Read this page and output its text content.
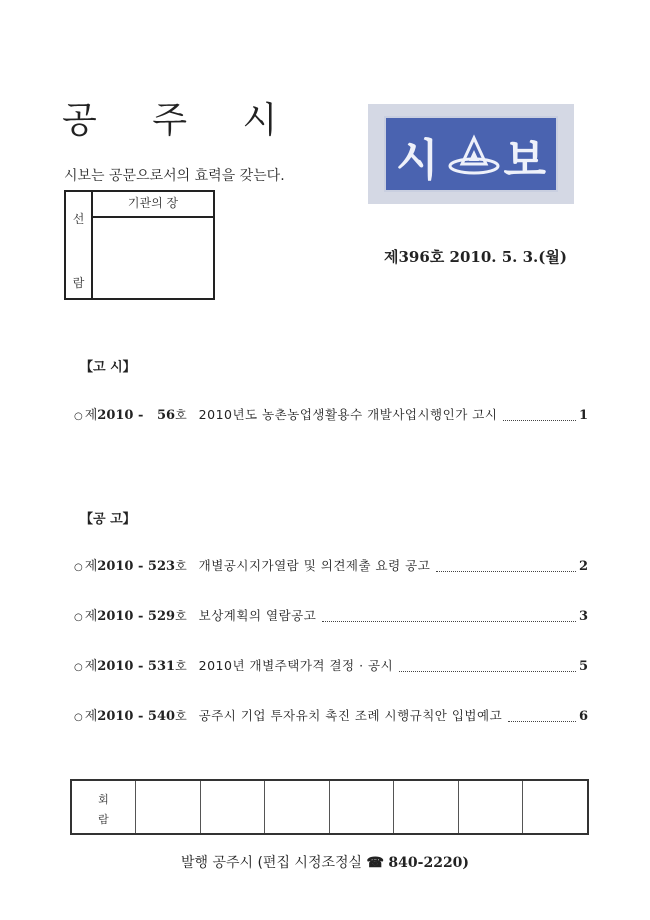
공 주 시
시보는 공문으로서의 효력을 갖는다.
선
람
기관의 장
시 보
제396호 2010. 5. 3.(월)
【고 시】
○ 제 2010 -   56 호 2010년도 농촌농업생활용수 개발사업시행인가 고시	1
【공 고】
○ 제 2010 - 523 호 개별공시지가열람 및 의견제출 요령 공고	2
○ 제 2010 - 529 호 보상계획의 열람공고	3
○ 제 2010 - 531 호 2010년 개별주택가격 결정 · 공시	5
○ 제 2010 - 540 호 공주시 기업 투자유치 촉진 조례 시행규칙안 입법예고	6
회
람
발행 공주시 (편집 시정조정실 ☎ 840-2220)
